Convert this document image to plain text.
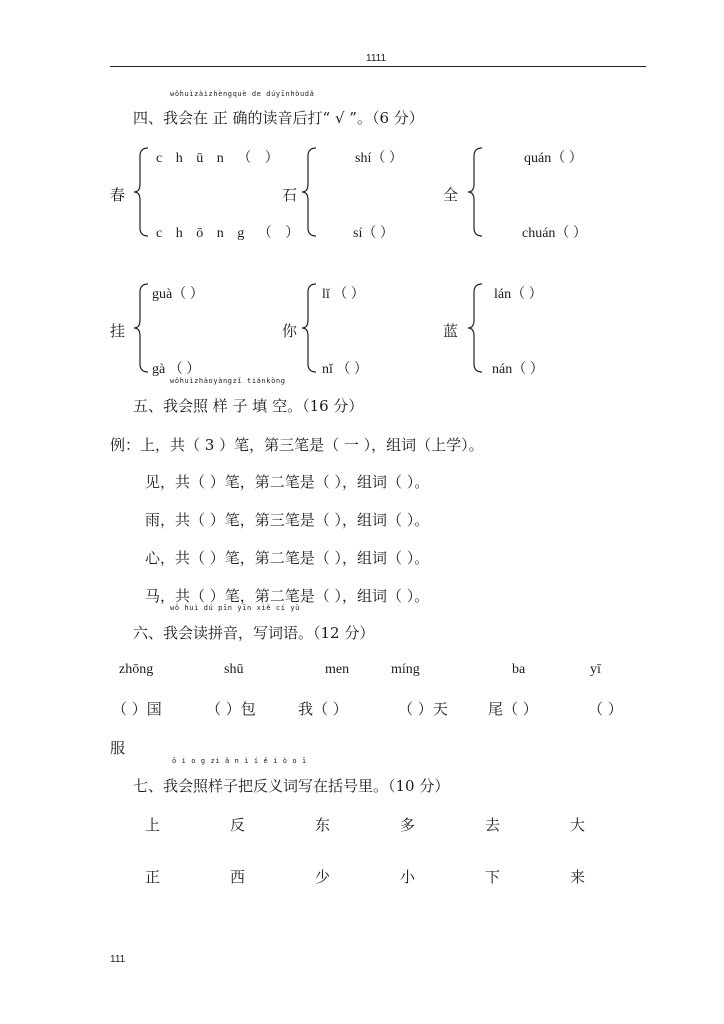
1111
wǒhuìzàizhèngquè de dúyīnhòudǎ
四、我会在 正 确的读音后打“ √ ”。（6 分）
春
c h ū n （ ）
c h ō n g （ ）
石
shí（ ）
sí（ ）
全
quán（ ）
chuán（ ）
挂
guà（ ）
gà （ ）
你
lǐ （ ）
nǐ （ ）
蓝
lán（ ）
nán（ ）
wǒhuìzhàoyàngzǐ tiánkòng
五、我会照 样 子 填 空。（16 分）
例：上，共（ 3 ）笔，第三笔是（ 一 ），组词（上学）。
见，共（ ）笔，第二笔是（ ），组词（ ）。
雨，共（ ）笔，第三笔是（ ），组词（ ）。
心，共（ ）笔，第二笔是（ ），组词（ ）。
马，共（ ）笔，第二笔是（ ），组词（ ）。
wǒ huì dú pīn yīn xiě cí yǔ
六、我会读拼音，写词语。（12 分）
zhōng	shū	men	míng	ba	yī
（ ）国	（ ）包	我（ ）	（ ）天	尾（ ）	（ ）
服
ō i o g zi ǎ n ì í ě i ò o ī
七、我会照样子把反义词写在括号里。（10 分）
上	反	东	多	去	大
正	西	少	小	下	来
111
